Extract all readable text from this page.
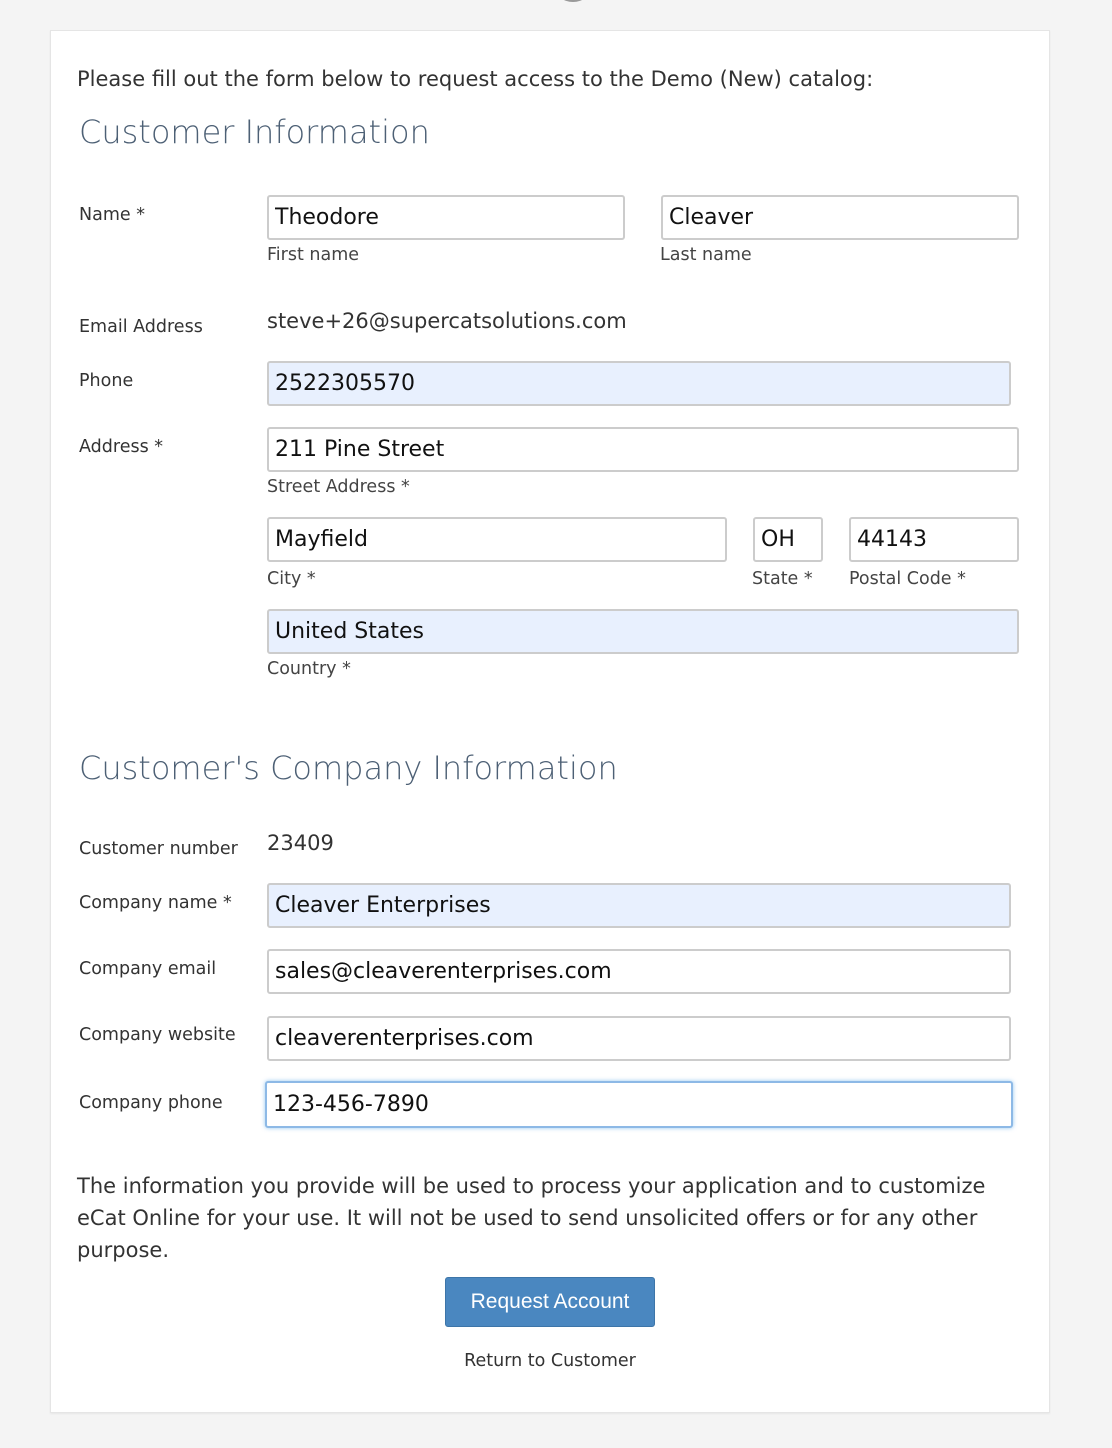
Please fill out the form below to request access to the Demo (New) catalog:
Customer Information
Name *
Theodore
First name
Cleaver	Last name
Email Address	steve+26@supercatsolutions.com
Phone
2522305570
Address *
211 Pine Street
Street Address *
Mayfield
City *
OH	State *
44143 Postal Code *
United States
Country *
Customer's Company Information
Customer number 23409
Company name *
Cleaver Enterprises
Company email
sales@cleaverenterprises.com
Company website
cleaverenterprises.com
Company phone
123-456-7890
The information you provide will be used to process your application and to customize eCat Online for your use. It will not be used to send unsolicited offers or for any other purpose.
Request Account
Return to Customer
